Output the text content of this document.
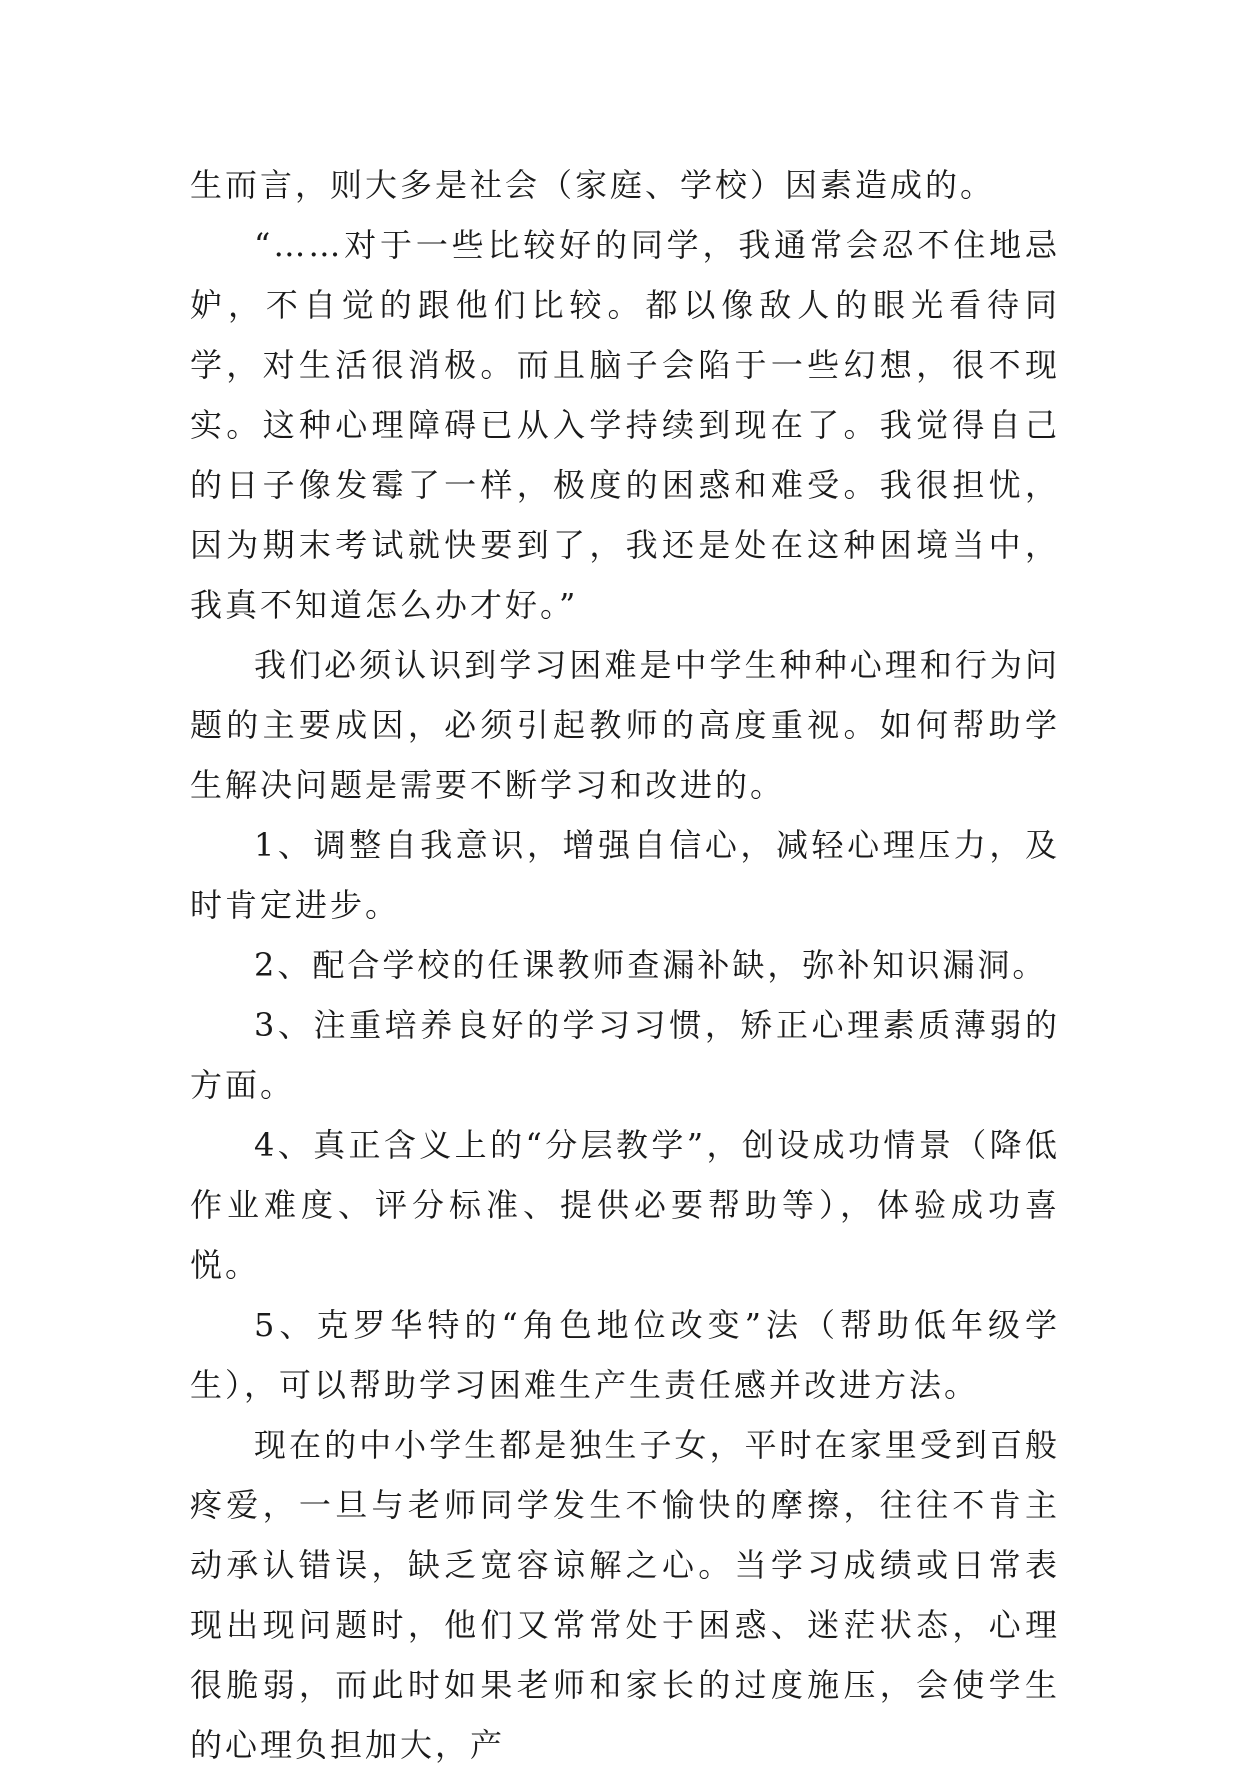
生而言，则大多是社会（家庭、学校）因素造成的。

“……对于一些比较好的同学，我通常会忍不住地忌妒，不自觉的跟他们比较。都以像敌人的眼光看待同学，对生活很消极。而且脑子会陷于一些幻想，很不现实。这种心理障碍已从入学持续到现在了。我觉得自己的日子像发霉了一样，极度的困惑和难受。我很担忧，因为期末考试就快要到了，我还是处在这种困境当中，我真不知道怎么办才好。”

我们必须认识到学习困难是中学生种种心理和行为问题的主要成因，必须引起教师的高度重视。如何帮助学生解决问题是需要不断学习和改进的。

1、调整自我意识，增强自信心，减轻心理压力，及时肯定进步。

2、配合学校的任课教师查漏补缺，弥补知识漏洞。

3、注重培养良好的学习习惯，矫正心理素质薄弱的方面。

4、真正含义上的“分层教学”，创设成功情景（降低作业难度、评分标准、提供必要帮助等），体验成功喜悦。

5、克罗华特的“角色地位改变”法（帮助低年级学生），可以帮助学习困难生产生责任感并改进方法。

现在的中小学生都是独生子女，平时在家里受到百般疼爱，一旦与老师同学发生不愉快的摩擦，往往不肯主动承认错误，缺乏宽容谅解之心。当学习成绩或日常表现出现问题时，他们又常常处于困惑、迷茫状态，心理很脆弱，而此时如果老师和家长的过度施压，会使学生的心理负担加大，产
